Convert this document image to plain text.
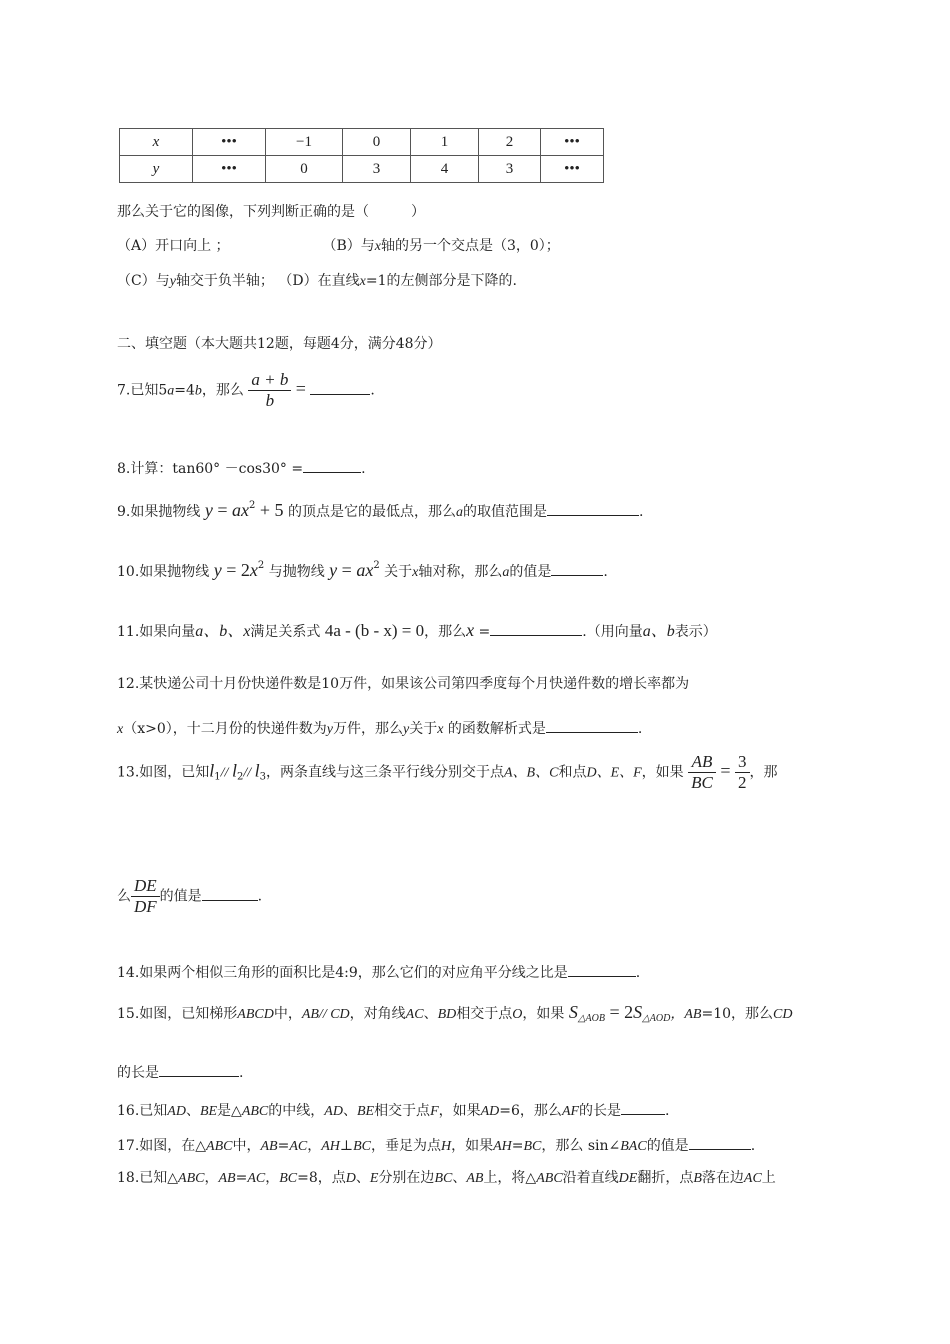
x	•••	−1	0	1	2	•••
y	•••	0	3	4	3	•••
那么关于它的图像，下列判断正确的是（　　　）
（A）开口向上 ；	（B）与x轴的另一个交点是（3，0）；
（C）与y轴交于负半轴； （D）在直线x=1的左侧部分是下降的.
二、填空题（本大题共12题，每题4分，满分48分）
7.已知5a=4b，那么 $\frac{a + b}{b}$ =	.
8.计算：tan60° －cos30° =	.
9.如果抛物线 $y = ax^2 + 5$ 的顶点是它的最低点，那么a的取值范围是	.
10.如果抛物线 $y = 2x^2$ 与抛物线 $y = ax^2$ 关于x轴对称，那么a的值是	.
11.如果向量a、b、x满足关系式 4a - (b - x) = 0，那么x =	.（用向量a、b表示）
12.某快递公司十月份快递件数是10万件，如果该公司第四季度每个月快递件数的增长率都为
x（x>0），十二月份的快递件数为y万件，那么y关于x 的函数解析式是	.
13.如图，已知$l_1//$ $l_2//$ $l_3$，两条直线与这三条平行线分别交于点A、B、C和点D、E、F，如果 $\frac{AB}{BC} = \frac{3}{2}$ ，那
么 $\frac{DE}{DF}$ 的值是	.
14.如果两个相似三角形的面积比是4:9，那么它们的对应角平分线之比是	.
15.如图，已知梯形ABCD中，AB// CD，对角线AC、BD相交于点O，如果 $S_{\triangle AOB} = 2S_{\triangle AOD}$，AB=10，那么CD
的长是	.
16.已知AD、BE是△ABC的中线，AD、BE相交于点F，如果AD=6，那么AF的长是	.
17.如图，在△ABC中，AB=AC，AH⊥BC，垂足为点H，如果AH=BC，那么 sin∠BAC的值是	.
18.已知△ABC，AB=AC，BC=8，点D、E分别在边BC、AB上，将△ABC沿着直线DE翻折，点B落在边AC上
